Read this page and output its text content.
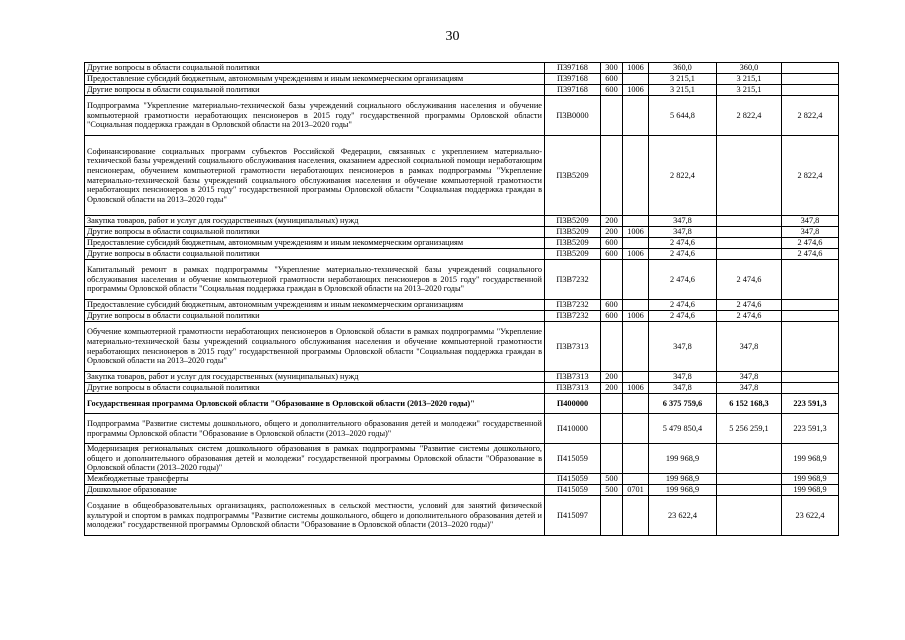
30
Другие вопросы в области социальной политики	П397168	300	1006	360,0	360,0	
Предоставление субсидий бюджетным, автономным учреждениям и иным некоммерческим организациям	П397168	600		3 215,1	3 215,1	
Другие вопросы в области социальной политики	П397168	600	1006	3 215,1	3 215,1	
Подпрограмма "Укрепление материально-технической базы учреждений социального обслуживания населения и обучение компьютерной грамотности неработающих пенсионеров в 2015 году" государственной программы Орловской области "Социальная поддержка граждан в Орловской области на 2013–2020 годы"	П3В0000			5 644,8	2 822,4	2 822,4
Софинансирование социальных программ субъектов Российской Федерации, связанных с укреплением материально-технической базы учреждений социального обслуживания населения, оказанием адресной социальной помощи неработающим пенсионерам, обучением компьютерной грамотности неработающих пенсионеров в рамках подпрограммы "Укрепление материально-технической базы учреждений социального обслуживания населения и обучение компьютерной грамотности неработающих пенсионеров в 2015 году" государственной программы Орловской области "Социальная поддержка граждан в Орловской области на 2013–2020 годы"	П3В5209			2 822,4		2 822,4
Закупка товаров, работ и услуг для государственных (муниципальных) нужд	П3В5209	200		347,8		347,8
Другие вопросы в области социальной политики	П3В5209	200	1006	347,8		347,8
Предоставление субсидий бюджетным, автономным учреждениям и иным некоммерческим организациям	П3В5209	600		2 474,6		2 474,6
Другие вопросы в области социальной политики	П3В5209	600	1006	2 474,6		2 474,6
Капитальный ремонт в рамках подпрограммы "Укрепление материально-технической базы учреждений социального обслуживания населения и обучение компьютерной грамотности неработающих пенсионеров в 2015 году" государственной программы Орловской области "Социальная поддержка граждан в Орловской области на 2013–2020 годы"	П3В7232			2 474,6	2 474,6	
Предоставление субсидий бюджетным, автономным учреждениям и иным некоммерческим организациям	П3В7232	600		2 474,6	2 474,6	
Другие вопросы в области социальной политики	П3В7232	600	1006	2 474,6	2 474,6	
Обучение компьютерной грамотности неработающих пенсионеров в Орловской области в рамках подпрограммы "Укрепление материально-технической базы учреждений социального обслуживания населения и обучение компьютерной грамотности неработающих пенсионеров в 2015 году" государственной программы Орловской области "Социальная поддержка граждан в Орловской области на 2013–2020 годы"	П3В7313			347,8	347,8	
Закупка товаров, работ и услуг для государственных (муниципальных) нужд	П3В7313	200		347,8	347,8	
Другие вопросы в области социальной политики	П3В7313	200	1006	347,8	347,8	
Государственная программа Орловской области "Образование в Орловской области (2013–2020 годы)"	П400000			6 375 759,6	6 152 168,3	223 591,3
Подпрограмма "Развитие системы дошкольного, общего и дополнительного образования детей и молодежи" государственной программы Орловской области "Образование в Орловской области (2013–2020 годы)"	П410000			5 479 850,4	5 256 259,1	223 591,3
Модернизация региональных систем дошкольного образования в рамках подпрограммы "Развитие системы дошкольного, общего и дополнительного образования детей и молодежи" государственной программы Орловской области "Образование в Орловской области (2013–2020 годы)"	П415059			199 968,9		199 968,9
Межбюджетные трансферты	П415059	500		199 968,9		199 968,9
Дошкольное образование	П415059	500	0701	199 968,9		199 968,9
Создание в общеобразовательных организациях, расположенных в сельской местности, условий для занятий физической культурой и спортом в рамках подпрограммы "Развитие системы дошкольного, общего и дополнительного образования детей и молодежи" государственной программы Орловской области "Образование в Орловской области (2013–2020 годы)"	П415097			23 622,4		23 622,4
